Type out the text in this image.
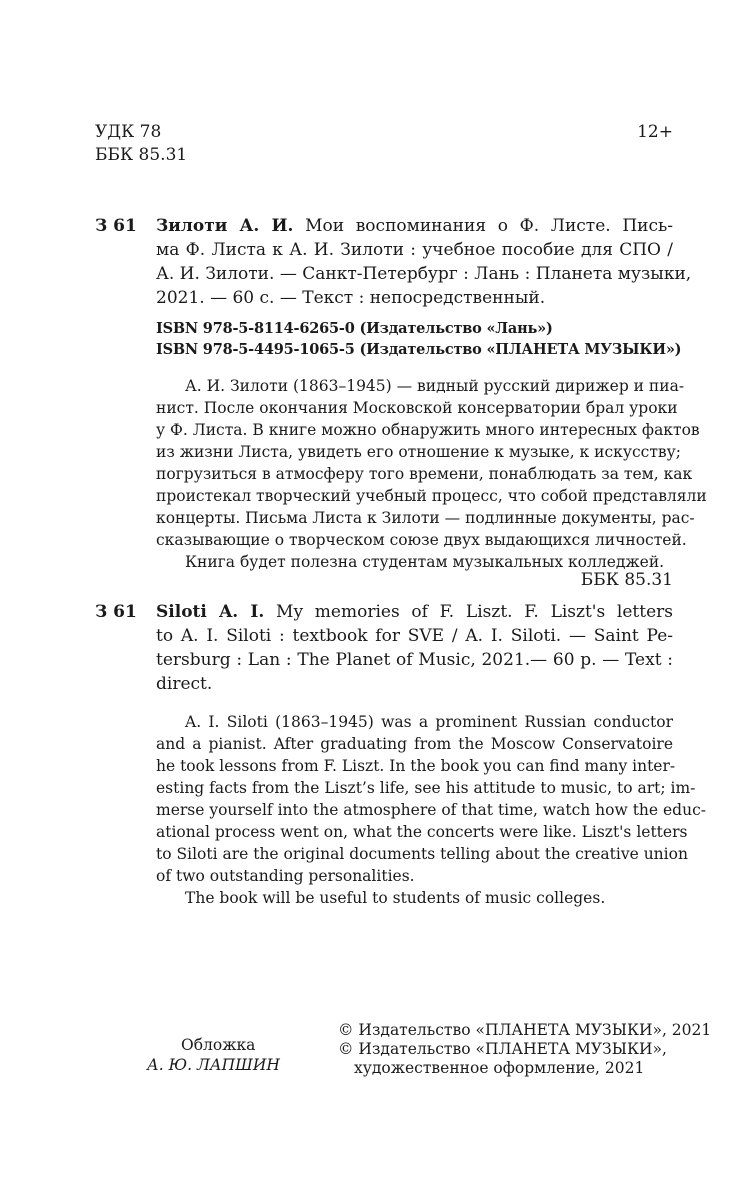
УДК 78
ББК 85.31
12+
З 61 Зилоти А. И. Мои воспоминания о Ф. Листе. Пись-
ма Ф. Листа к А. И. Зилоти : учебное пособие для СПО /
А. И. Зилоти. — Санкт-Петербург : Лань : Планета музыки,
2021. — 60 с. — Текст : непосредственный.
ISBN 978-5-8114-6265-0 (Издательство «Лань»)
ISBN 978-5-4495-1065-5 (Издательство «ПЛАНЕТА МУЗЫКИ»)
А. И. Зилоти (1863–1945) — видный русский дирижер и пиа-
нист. После окончания Московской консерватории брал уроки
у Ф. Листа. В книге можно обнаружить много интересных фактов
из жизни Листа, увидеть его отношение к музыке, к искусству;
погрузиться в атмосферу того времени, понаблюдать за тем, как
проистекал творческий учебный процесс, что собой представляли
концерты. Письма Листа к Зилоти — подлинные документы, рас-
сказывающие о творческом союзе двух выдающихся личностей.
Книга будет полезна студентам музыкальных колледжей.
ББК 85.31
З 61 Siloti A. I. My memories of F. Liszt. F. Liszt's letters
to A. I. Siloti : textbook for SVE / A. I. Siloti. — Saint Pe-
tersburg : Lan : The Planet of Music, 2021.— 60 p. — Text :
direct.
A. I. Siloti (1863–1945) was a prominent Russian conductor
and a pianist. After graduating from the Moscow Conservatoire
he took lessons from F. Liszt. In the book you can find many inter-
esting facts from the Liszt’s life, see his attitude to music, to art; im-
merse yourself into the atmosphere of that time, watch how the educ-
ational process went on, what the concerts were like. Liszt's letters
to Siloti are the original documents telling about the creative union
of two outstanding personalities.
The book will be useful to students of music colleges.
Обложка
А. Ю. ЛАПШИН
© Издательство «ПЛАНЕТА МУЗЫКИ», 2021
© Издательство «ПЛАНЕТА МУЗЫКИ»,
художественное оформление, 2021
